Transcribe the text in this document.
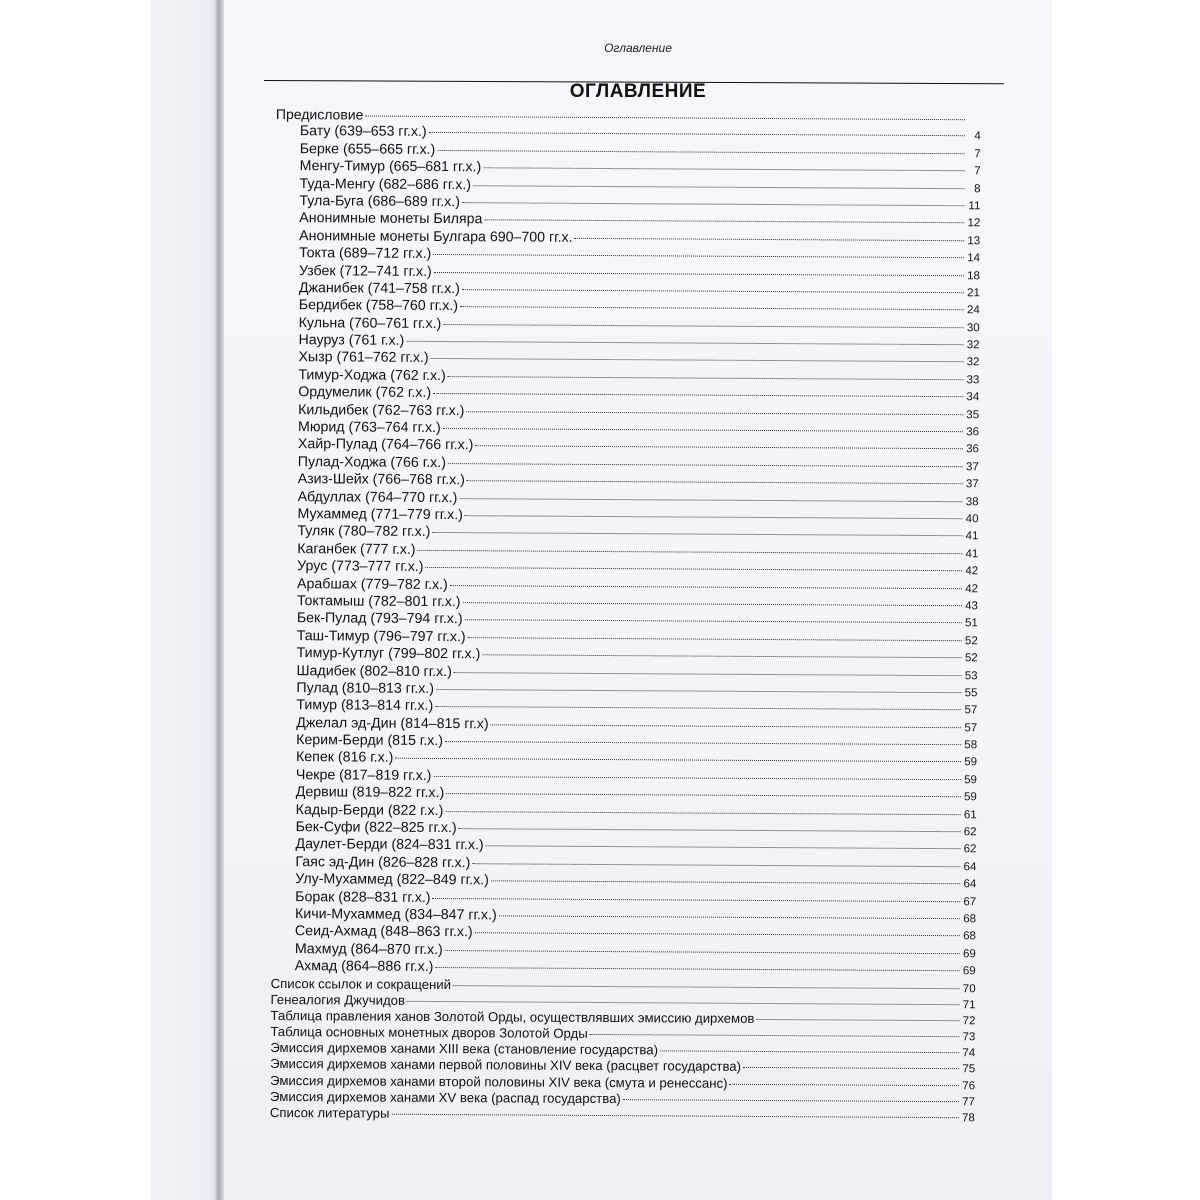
Оглавление
ОГЛАВЛЕНИЕ
Предисловие
Бату (639–653 гг.х.)	4
Берке (655–665 гг.х.)	7
Менгу-Тимур (665–681 гг.х.)	7
Туда-Менгу (682–686 гг.х.)	8
Тула-Буга (686–689 гг.х.)	11
Анонимные монеты Биляра	12
Анонимные монеты Булгара 690–700 гг.х.	13
Токта (689–712 гг.х.)	14
Узбек (712–741 гг.х.)	18
Джанибек (741–758 гг.х.)	21
Бердибек (758–760 гг.х.)	24
Кульна (760–761 гг.х.)	30
Науруз (761 г.х.)	32
Хызр (761–762 гг.х.)	32
Тимур-Ходжа (762 г.х.)	33
Ордумелик (762 г.х.)	34
Кильдибек (762–763 гг.х.)	35
Мюрид (763–764 гг.х.)	36
Хайр-Пулад (764–766 гг.х.)	36
Пулад-Ходжа (766 г.х.)	37
Азиз-Шейх (766–768 гг.х.)	37
Абдуллах (764–770 гг.х.)	38
Мухаммед (771–779 гг.х.)	40
Туляк (780–782 гг.х.)	41
Каганбек (777 г.х.)	41
Урус (773–777 гг.х.)	42
Арабшах (779–782 г.х.)	42
Токтамыш (782–801 гг.х.)	43
Бек-Пулад (793–794 гг.х.)	51
Таш-Тимур (796–797 гг.х.)	52
Тимур-Кутлуг (799–802 гг.х.)	52
Шадибек (802–810 гг.х.)	53
Пулад (810–813 гг.х.)	55
Тимур (813–814 гг.х.)	57
Джелал эд-Дин (814–815 гг.х)	57
Керим-Берди (815 г.х.)	58
Кепек (816 г.х.)	59
Чекре (817–819 гг.х.)	59
Дервиш (819–822 гг.х.)	59
Кадыр-Берди (822 г.х.)	61
Бек-Суфи (822–825 гг.х.)	62
Даулет-Берди (824–831 гг.х.)	62
Гаяс эд-Дин (826–828 гг.х.)	64
Улу-Мухаммед (822–849 гг.х.)	64
Борак (828–831 гг.х.)	67
Кичи-Мухаммед (834–847 гг.х.)	68
Сеид-Ахмад (848–863 гг.х.)	68
Махмуд (864–870 гг.х.)	69
Ахмад (864–886 гг.х.)	69
Список ссылок и сокращений	70
Генеалогия Джучидов	71
Таблица правления ханов Золотой Орды, осуществлявших эмиссию дирхемов	72
Таблица основных монетных дворов Золотой Орды	73
Эмиссия дирхемов ханами XIII века (становление государства)	74
Эмиссия дирхемов ханами первой половины XIV века (расцвет государства)	75
Эмиссия дирхемов ханами второй половины XIV века (смута и ренессанс)	76
Эмиссия дирхемов ханами XV века (распад государства)	77
Список литературы	78
